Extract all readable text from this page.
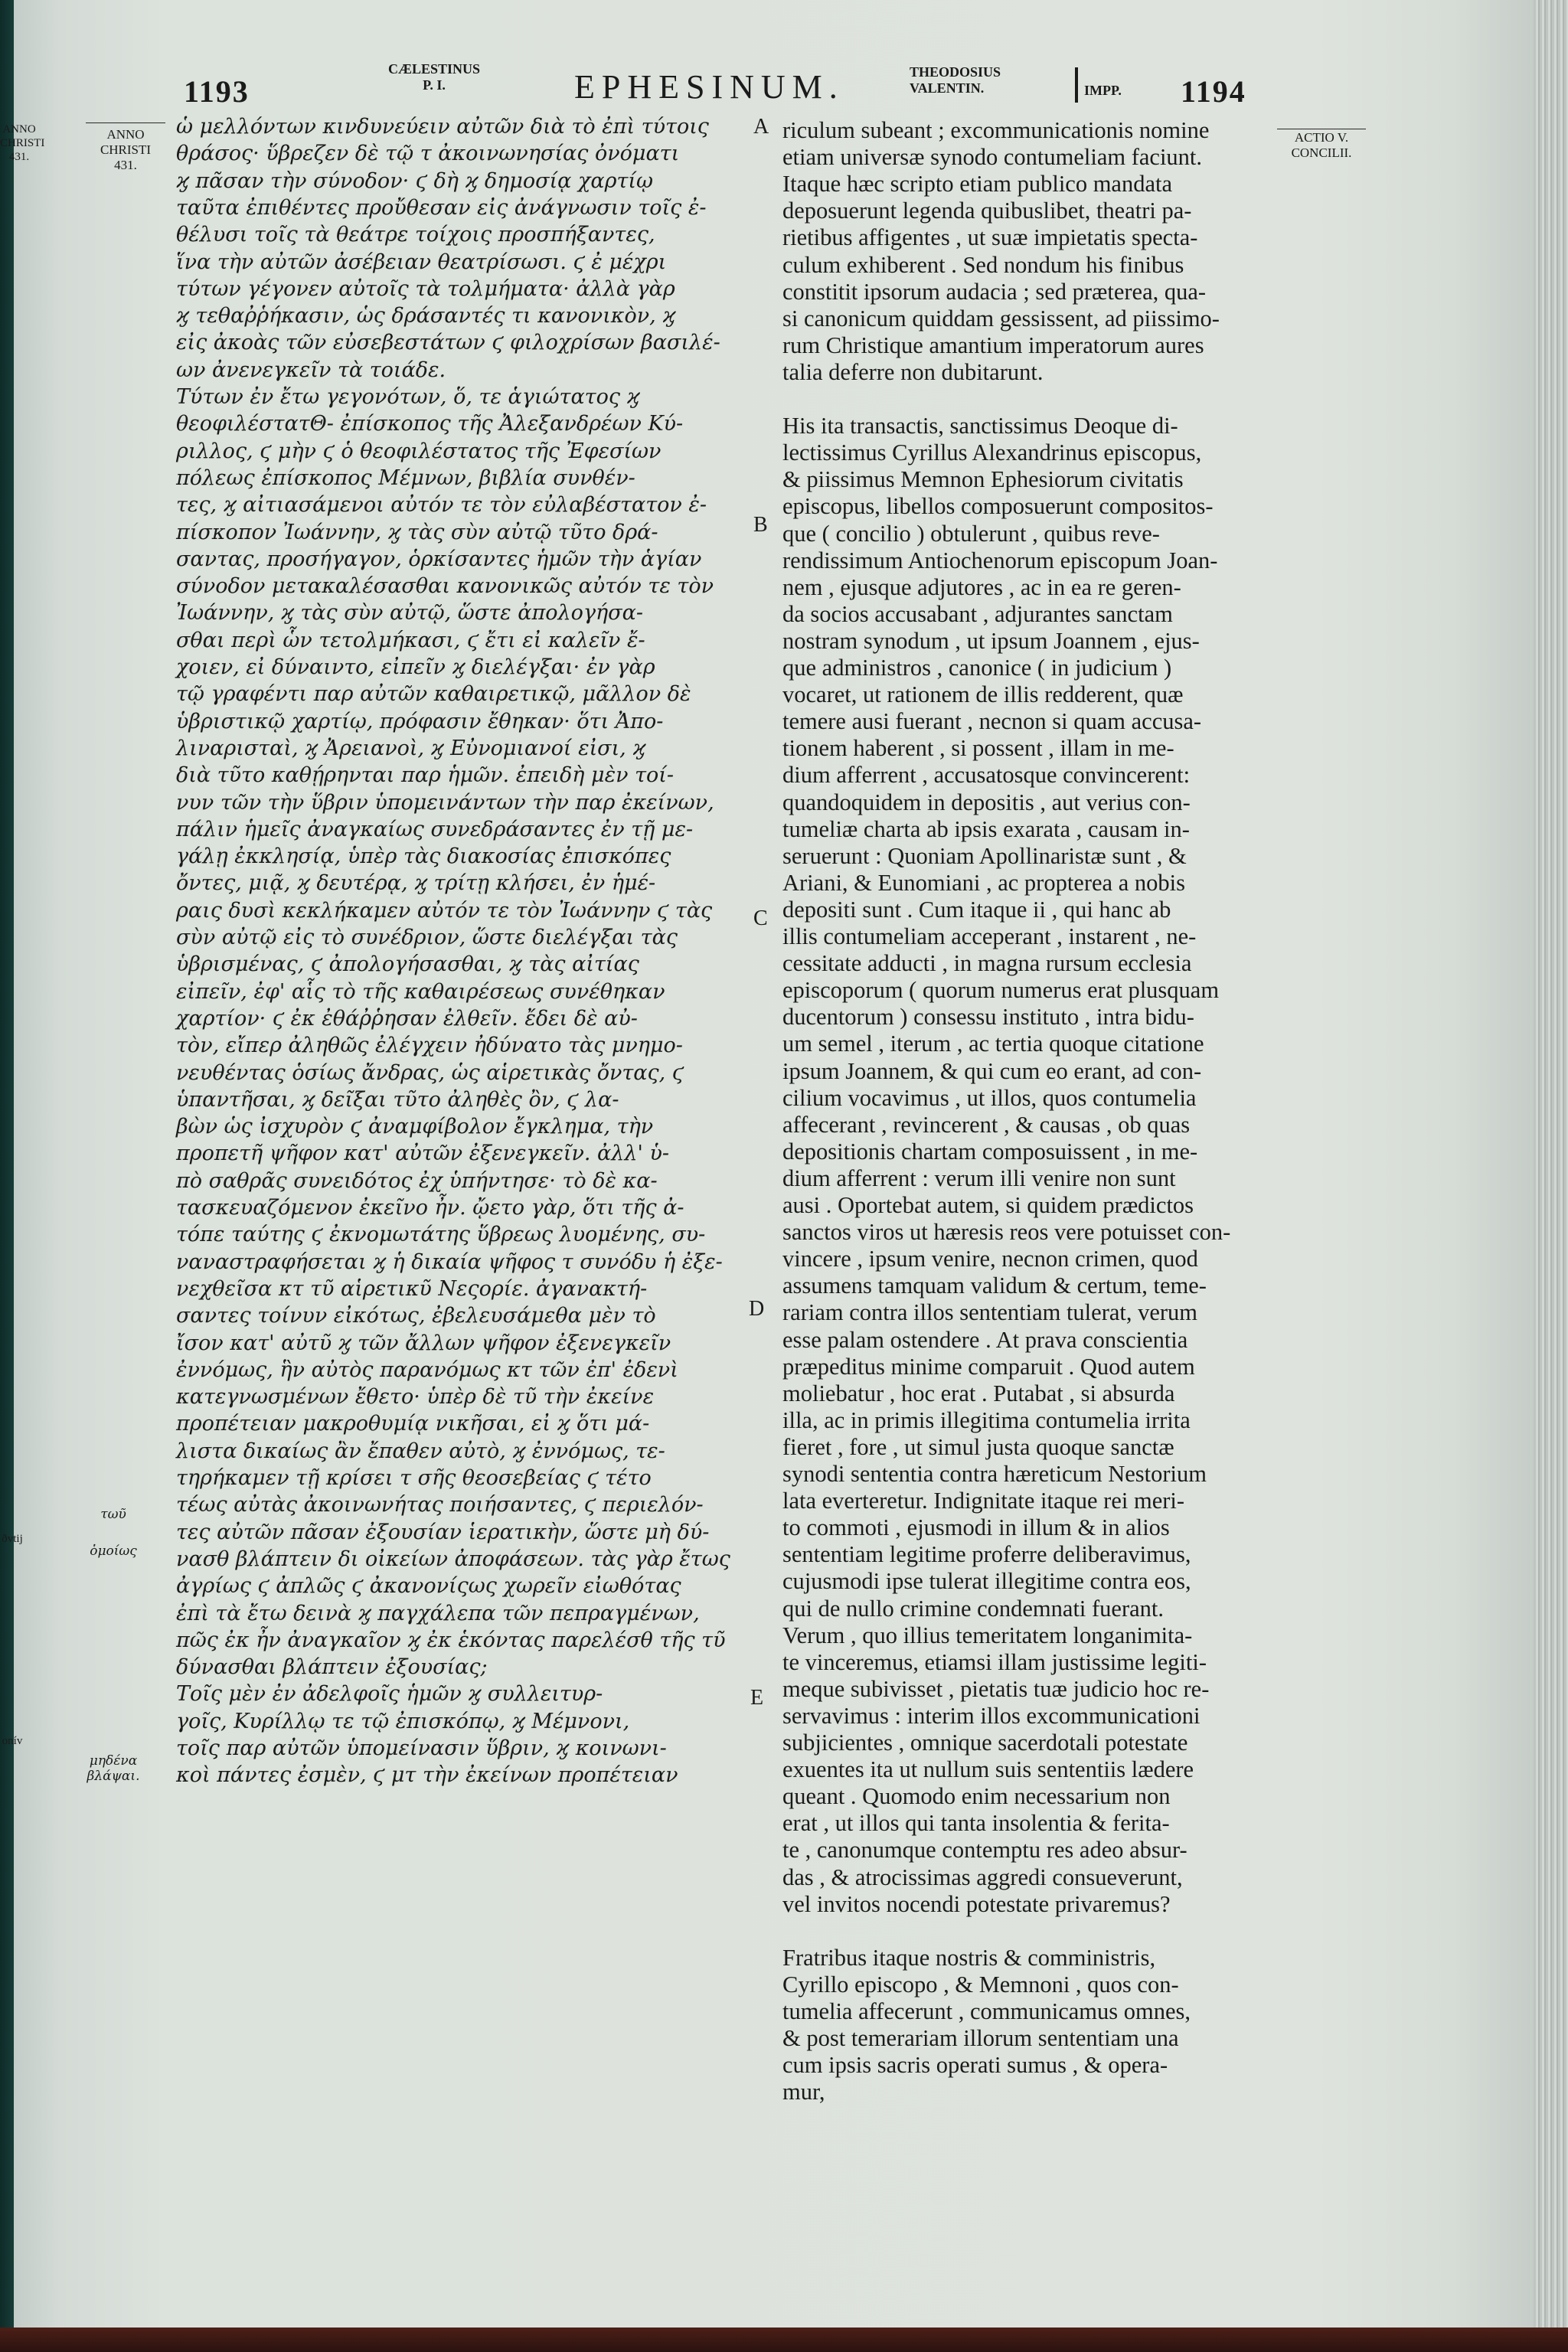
1193
CÆLESTINUS
P. I.	EPHESINUM.	THEODOSIUS
VALENTIN.	IMPP. 1194
ACTIO V.
CONCILII.
ANNO
CHRISTI
431.
ANNO
CHRISTI
431.
τωῦ
ὁμοίως
μηδένα
βλάψαι.
ðvtij
onív
A
B
C
D
E
ὡ μελλόντων κινδυνεύειν αὐτῶν διὰ τὸ ἐπὶ τύτοις
θράσος· ὕβρεζεν δὲ τῷ τ ἀκοινωνησίας ὀνόματι
ϗ πᾶσαν τὴν σύνοδον· ϛ δὴ ϗ δημοσίᾳ χαρτίῳ
ταῦτα ἐπιθέντες προὔθεσαν εἰς ἀνάγνωσιν τοῖς ἐ-
θέλυσι τοῖς τὰ θεάτρε τοίχοις προσπήξαντες,
ἵνα τὴν αὐτῶν ἀσέβειαν θεατρίσωσι. ϛ ἐ μέχρι
τύτων γέγονεν αὐτοῖς τὰ τολμήματα· ἀλλὰ γὰρ
ϗ τεθαῤῥήκασιν, ὡς δράσαντές τι κανονικὸν, ϗ
εἰς ἀκοὰς τῶν εὐσεβεστάτων ϛ φιλοχρίσων βασιλέ-
ων ἀνενεγκεῖν τὰ τοιάδε.
Τύτων ἐν ἔτω γεγονότων, ὅ, τε ἁγιώτατος ϗ
θεοφιλέστατΘ- ἐπίσκοπος τῆς Ἀλεξανδρέων Κύ-
ριλλος, ϛ μὴν ϛ ὁ θεοφιλέστατος τῆς Ἐφεσίων
πόλεως ἐπίσκοπος Μέμνων, βιβλία συνθέν-
τες, ϗ αἰτιασάμενοι αὐτόν τε τὸν εὐλαβέστατον ἐ-
πίσκοπον Ἰωάννην, ϗ τὰς σὺν αὐτῷ τῦτο δρά-
σαντας, προσήγαγον, ὁρκίσαντες ἡμῶν τὴν ἁγίαν
σύνοδον μετακαλέσασθαι κανονικῶς αὐτόν τε τὸν
Ἰωάννην, ϗ τὰς σὺν αὐτῷ, ὥστε ἀπολογήσα-
σθαι περὶ ὧν τετολμήκασι, ϛ ἔτι εἰ καλεῖν ἔ-
χοιεν, εἰ δύναιντο, εἰπεῖν ϗ διελέγξαι· ἐν γὰρ
τῷ γραφέντι παρ αὐτῶν καθαιρετικῷ, μᾶλλον δὲ
ὑβριστικῷ χαρτίῳ, πρόφασιν ἔθηκαν· ὅτι Ἀπο-
λιναρισταὶ, ϗ Ἀρειανοὶ, ϗ Εὐνομιανοί εἰσι, ϗ
διὰ τῦτο καθῄρηνται παρ ἡμῶν. ἐπειδὴ μὲν τοί-
νυν τῶν τὴν ὕβριν ὑπομεινάντων τὴν παρ ἐκείνων,
πάλιν ἡμεῖς ἀναγκαίως συνεδράσαντες ἐν τῇ με-
γάλῃ ἐκκλησίᾳ, ὑπὲρ τὰς διακοσίας ἐπισκόπες
ὄντες, μιᾷ, ϗ δευτέρᾳ, ϗ τρίτῃ κλήσει, ἐν ἡμέ-
ραις δυσὶ κεκλήκαμεν αὐτόν τε τὸν Ἰωάννην ϛ τὰς
σὺν αὐτῷ εἰς τὸ συνέδριον, ὥστε διελέγξαι τὰς
ὑβρισμένας, ϛ ἀπολογήσασθαι, ϗ τὰς αἰτίας
εἰπεῖν, ἐφ' αἷς τὸ τῆς καθαιρέσεως συνέθηκαν
χαρτίον· ϛ ἐκ ἐθάῤῥησαν ἐλθεῖν. ἔδει δὲ αὐ-
τὸν, εἴπερ ἀληθῶς ἐλέγχειν ἠδύνατο τὰς μνημο-
νευθέντας ὁσίως ἄνδρας, ὡς αἱρετικὰς ὄντας, ϛ
ὑπαντῆσαι, ϗ δεῖξαι τῦτο ἀληθὲς ὂν, ϛ λα-
βὼν ὡς ἰσχυρὸν ϛ ἀναμφίβολον ἔγκλημα, τὴν
προπετῆ ψῆφον κατ' αὐτῶν ἐξενεγκεῖν. ἀλλ' ὑ-
πὸ σαθρᾶς συνειδότος ἐχ ὑπήντησε· τὸ δὲ κα-
τασκευαζόμενον ἐκεῖνο ἦν. ᾤετο γὰρ, ὅτι τῆς ἀ-
τόπε ταύτης ϛ ἐκνομωτάτης ὕβρεως λυομένης, συ-
ναναστραφήσεται ϗ ἡ δικαία ψῆφος τ συνόδυ ἡ ἐξε-
νεχθεῖσα κτ τῦ αἱρετικῦ Νεςορίε. ἀγανακτή-
σαντες τοίνυν εἰκότως, ἐβελευσάμεθα μὲν τὸ
ἴσον κατ' αὐτῦ ϗ τῶν ἄλλων ψῆφον ἐξενεγκεῖν
ἐννόμως, ἣν αὐτὸς παρανόμως κτ τῶν ἐπ' ἐδενὶ
κατεγνωσμένων ἔθετο· ὑπὲρ δὲ τῦ τὴν ἐκείνε
προπέτειαν μακροθυμίᾳ νικῆσαι, εἰ ϗ ὅτι μά-
λιστα δικαίως ἂν ἔπαθεν αὐτὸ, ϗ ἐννόμως, τε-
τηρήκαμεν τῇ κρίσει τ σῆς θεοσεβείας ϛ τέτο
τέως αὐτὰς ἀκοινωνήτας ποιήσαντες, ϛ περιελόν-
τες αὐτῶν πᾶσαν ἐξουσίαν ἱερατικὴν, ὥστε μὴ δύ-
νασθ βλάπτειν δι οἰκείων ἀποφάσεων. τὰς γὰρ ἔτως
ἀγρίως ϛ ἀπλῶς ϛ ἀκανονίςως χωρεῖν εἰωθότας
ἐπὶ τὰ ἔτω δεινὰ ϗ παγχάλεπα τῶν πεπραγμένων,
πῶς ἐκ ἦν ἀναγκαῖον ϗ ἐκ ἑκόντας παρελέσθ τῆς τῦ
δύνασθαι βλάπτειν ἐξουσίας;
Τοῖς μὲν ἐν ἀδελφοῖς ἡμῶν ϗ συλλειτυρ-
γοῖς, Κυρίλλῳ τε τῷ ἐπισκόπῳ, ϗ Μέμνονι,
τοῖς παρ αὐτῶν ὑπομείνασιν ὕβριν, ϗ κοινωνι-
κοὶ πάντες ἐσμὲν, ϛ μτ τὴν ἐκείνων προπέτειαν
riculum subeant ; excommunicationis nomine
etiam universæ synodo contumeliam faciunt.
Itaque hæc scripto etiam publico mandata
deposuerunt legenda quibuslibet, theatri pa-
rietibus affigentes , ut suæ impietatis specta-
culum exhiberent . Sed nondum his finibus
constitit ipsorum audacia ; sed præterea, qua-
si canonicum quiddam gessissent, ad piissimo-
rum Christique amantium imperatorum aures
talia deferre non dubitarunt.
His ita transactis, sanctissimus Deoque di-
lectissimus Cyrillus Alexandrinus episcopus,
& piissimus Memnon Ephesiorum civitatis
episcopus, libellos composuerunt compositos-
que ( concilio ) obtulerunt , quibus reve-
rendissimum Antiochenorum episcopum Joan-
nem , ejusque adjutores , ac in ea re geren-
da socios accusabant , adjurantes sanctam
nostram synodum , ut ipsum Joannem , ejus-
que administros , canonice ( in judicium )
vocaret, ut rationem de illis redderent, quæ
temere ausi fuerant , necnon si quam accusa-
tionem haberent , si possent , illam in me-
dium afferrent , accusatosque convincerent:
quandoquidem in depositis , aut verius con-
tumeliæ charta ab ipsis exarata , causam in-
seruerunt : Quoniam Apollinaristæ sunt , &
Ariani, & Eunomiani , ac propterea a nobis
depositi sunt . Cum itaque ii , qui hanc ab
illis contumeliam acceperant , instarent , ne-
cessitate adducti , in magna rursum ecclesia
episcoporum ( quorum numerus erat plusquam
ducentorum ) consessu instituto , intra bidu-
um semel , iterum , ac tertia quoque citatione
ipsum Joannem, & qui cum eo erant, ad con-
cilium vocavimus , ut illos, quos contumelia
affecerant , revincerent , & causas , ob quas
depositionis chartam composuissent , in me-
dium afferrent : verum illi venire non sunt
ausi . Oportebat autem, si quidem prædictos
sanctos viros ut hæresis reos vere potuisset con-
vincere , ipsum venire, necnon crimen, quod
assumens tamquam validum & certum, teme-
rariam contra illos sententiam tulerat, verum
esse palam ostendere . At prava conscientia
præpeditus minime comparuit . Quod autem
moliebatur , hoc erat . Putabat , si absurda
illa, ac in primis illegitima contumelia irrita
fieret , fore , ut simul justa quoque sanctæ
synodi sententia contra hæreticum Nestorium
lata everteretur. Indignitate itaque rei meri-
to commoti , ejusmodi in illum & in alios
sententiam legitime proferre deliberavimus,
cujusmodi ipse tulerat illegitime contra eos,
qui de nullo crimine condemnati fuerant.
Verum , quo illius temeritatem longanimita-
te vinceremus, etiamsi illam justissime legiti-
meque subivisset , pietatis tuæ judicio hoc re-
servavimus : interim illos excommunicationi
subjicientes , omnique sacerdotali potestate
exuentes ita ut nullum suis sententiis lædere
queant . Quomodo enim necessarium non
erat , ut illos qui tanta insolentia & ferita-
te , canonumque contemptu res adeo absur-
das , & atrocissimas aggredi consueverunt,
vel invitos nocendi potestate privaremus?
Fratribus itaque nostris & comministris,
Cyrillo episcopo , & Memnoni , quos con-
tumelia affecerunt , communicamus omnes,
& post temerariam illorum sententiam una
cum ipsis sacris operati sumus , & opera-
mur,
